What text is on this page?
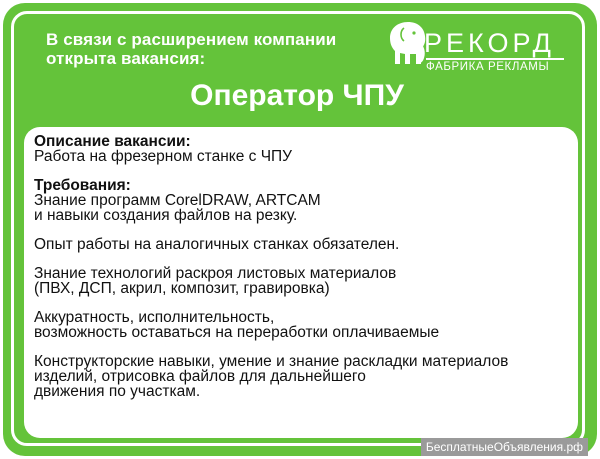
В связи с расширением компании
открыта вакансия:
РЕКОРД
ФАБРИКА РЕКЛАМЫ
Оператор ЧПУ
Описание вакансии:
Работа на фрезерном станке с ЧПУ
Требования:
Знание программ CorelDRAW, ARTCAM
и навыки создания файлов на резку.
Опыт работы на аналогичных станках обязателен.
Знание технологий раскроя листовых материалов
(ПВХ, ДСП, акрил, композит, гравировка)
Аккуратность, исполнительность,
возможность оставаться на переработки оплачиваемые
Конструкторские навыки, умение и знание раскладки материалов
изделий, отрисовка файлов для дальнейшего
движения по участкам.
БесплатныеОбъявления.рф
